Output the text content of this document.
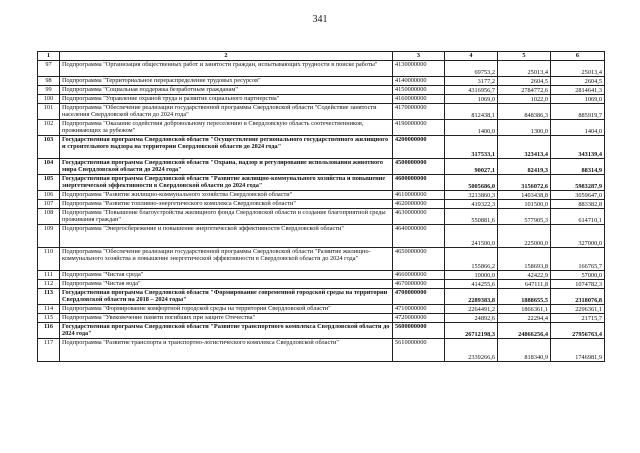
341
1	2	3	4	5	6
97	Подпрограмма "Организация общественных работ и занятости граждан, испытывающих трудности в поиске работы"	4130000000	69753,2	25013,4	25013,4
98	Подпрограмма "Территориальное перераспределение трудовых ресурсов"	4140000000	3177,2	2604,5	2604,5
99	Подпрограмма "Социальная поддержка безработным гражданам"	4150000000	4316956,7	2784772,6	2814641,3
100	Подпрограмма "Управление охраной труда и развитие социального партнерства"	4160000000	1069,0	1022,0	1069,0
101	Подпрограмма "Обеспечение реализации государственной программы Свердловской области "Содействие занятости населения Свердловской области до 2024 года"	4170000000	812438,1	848386,3	885919,7
102	Подпрограмма "Оказание содействия добровольному переселению в Свердловскую область соотечественников, проживающих за рубежом"	4190000000	1400,0	1300,0	1404,0
103	Государственная программа Свердловской области "Осуществление регионального государственного жилищного и строительного надзора на территории Свердловской области до 2024 года"	4200000000	317533,1	323413,4	343139,4
104	Государственная программа Свердловской области "Охрана, надзор и регулирование использования животного мира Свердловской области до 2024 года"	4500000000	90027,1	82419,3	88314,9
105	Государственная программа Свердловской области "Развитие жилищно-коммунального хозяйства и повышение энергетической эффективности в Свердловской области до 2024 года"	4600000000	5005686,0	3156072,6	5983287,9
106	Подпрограмма "Развитие жилищно-коммунального хозяйства Свердловской области"	4610000000	3213860,3	1403438,8	3059647,0
107	Подпрограмма "Развитие топливно-энергетического комплекса Свердловской области"	4620000000	419322,3	101500,0	883382,8
108	Подпрограмма "Повышение благоустройства жилищного фонда Свердловской области и создание благоприятной среды проживания граждан"	4630000000	550881,6	577905,3	614710,1
109	Подпрограмма "Энергосбережение и повышение энергетической эффективности Свердловской области"	4640000000	241500,0	225000,0	327000,0
110	Подпрограмма "Обеспечение реализации государственной программы Свердловской области "Развитие жилищно-коммунального хозяйства и повышение энергетической эффективности в Свердловской области до 2024 года"	4650000000	155866,2	158693,8	166765,7
111	Подпрограмма "Чистая среда"	4660000000	10000,0	42422,9	57000,0
112	Подпрограмма "Чистая вода"	4670000000	414255,6	647111,8	1074782,3
113	Государственная программа Свердловской области "Формирование современной городской среды на территории Свердловской области на 2018 – 2024 годы"	4700000000	2289383,8	1888655,5	2318076,8
114	Подпрограмма "Формирование комфортной городской среды на территории Свердловской области"	4710000000	2264491,2	1866361,1	2296361,1
115	Подпрограмма "Увековечение памяти погибших при защите Отечества"	4720000000	24892,6	22294,4	21715,7
116	Государственная программа Свердловской области "Развитие транспортного комплекса Свердловской области до 2024 года"	5600000000	26712198,3	24866256,4	27956763,4
117	Подпрограмма "Развитие транспорта и транспортно-логистического комплекса Свердловской области"	5610000000	2339266,6	818340,9	1746981,9
